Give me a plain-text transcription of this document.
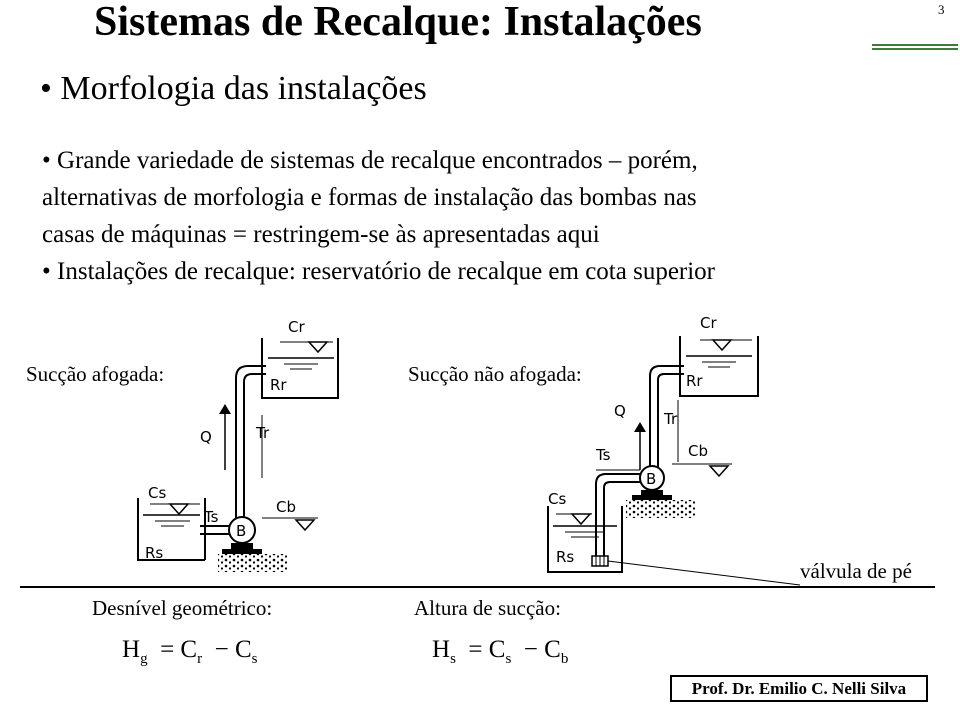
Sistemas de Recalque: Instalações	3
• Morfologia das instalações
• Grande variedade de sistemas de recalque encontrados – porém,
alternativas de morfologia e formas de instalação das bombas nas
casas de máquinas = restringem-se às apresentadas aqui
• Instalações de recalque: reservatório de recalque em cota superior
Sucção afogada:	Sucção não afogada:
Cr
Rr
Q	Tr
Cs
Ts
B
Cb
Rs
Cr
Rr
Q	Tr
Ts
B
Cb
Cs
Rs
válvula de pé
Desnível geométrico:	Altura de sucção:
$H_g = C_r - C_s$	$H_s = C_s - C_b$
Prof. Dr. Emilio C. Nelli Silva
